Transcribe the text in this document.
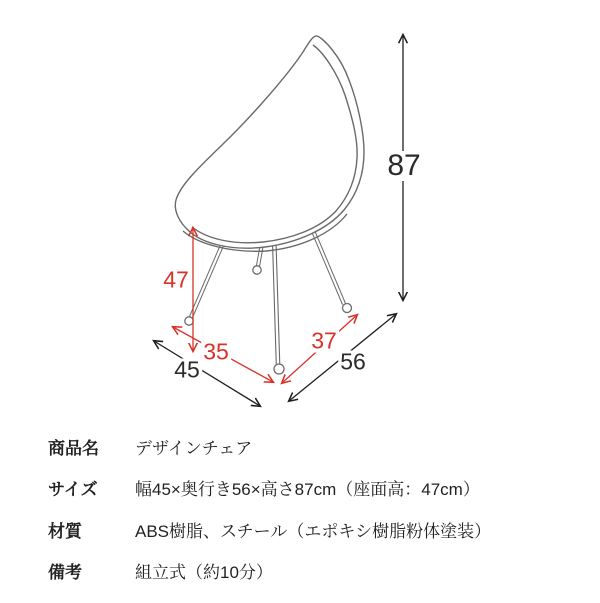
87
47
35	37
45	56
商品名	デザインチェア
サイズ	幅45×奥行き56×高さ87cm（座面高：47cm）
材質	ABS樹脂、スチール（エポキシ樹脂粉体塗装）
備考	組立式（約10分）
